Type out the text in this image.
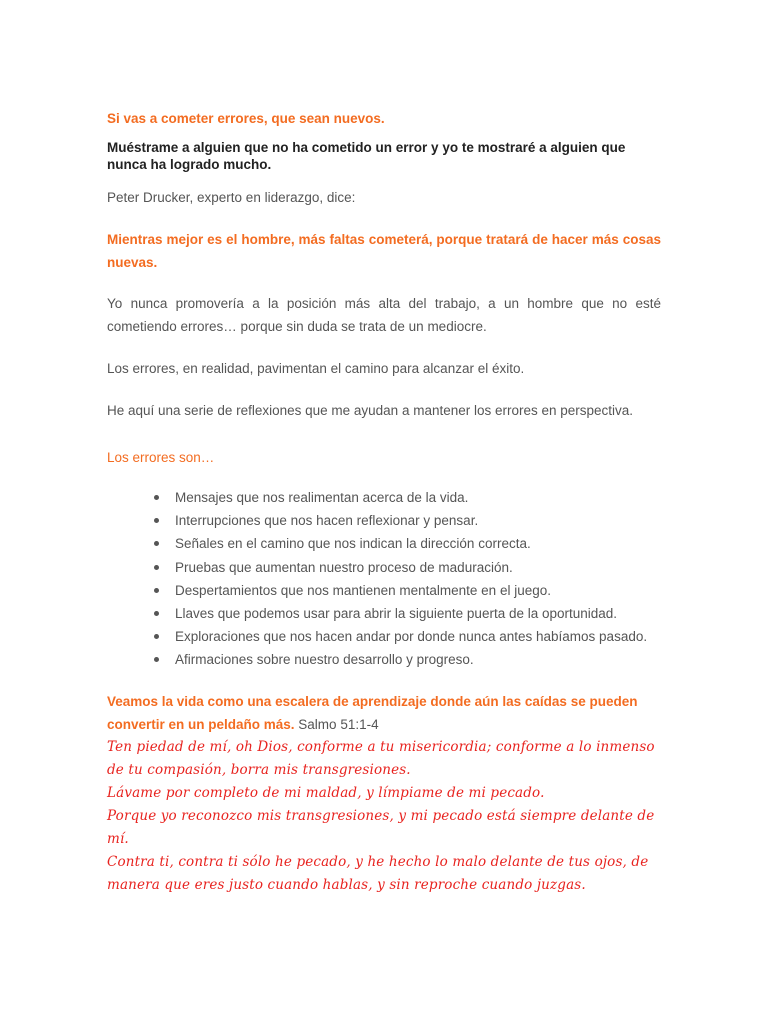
Si vas a cometer errores, que sean nuevos.

Muéstrame a alguien que no ha cometido un error y yo te mostraré a alguien que nunca ha logrado mucho.

Peter Drucker, experto en liderazgo, dice:

Mientras mejor es el hombre, más faltas cometerá, porque tratará de hacer más cosas nuevas.

Yo nunca promovería a la posición más alta del trabajo, a un hombre que no esté cometiendo errores… porque sin duda se trata de un mediocre.

Los errores, en realidad, pavimentan el camino para alcanzar el éxito.

He aquí una serie de reflexiones que me ayudan a mantener los errores en perspectiva.

Los errores son…

Mensajes que nos realimentan acerca de la vida.
Interrupciones que nos hacen reflexionar y pensar.
Señales en el camino que nos indican la dirección correcta.
Pruebas que aumentan nuestro proceso de maduración.
Despertamientos que nos mantienen mentalmente en el juego.
Llaves que podemos usar para abrir la siguiente puerta de la oportunidad.
Exploraciones que nos hacen andar por donde nunca antes habíamos pasado.
Afirmaciones sobre nuestro desarrollo y progreso.

Veamos la vida como una escalera de aprendizaje donde aún las caídas se pueden convertir en un peldaño más. Salmo 51:1-4

Ten piedad de mí, oh Dios, conforme a tu misericordia; conforme a lo inmenso de tu compasión, borra mis transgresiones.
Lávame por completo de mi maldad, y límpiame de mi pecado.
Porque yo reconozco mis transgresiones, y mi pecado está siempre delante de mí.
Contra ti, contra ti sólo he pecado, y he hecho lo malo delante de tus ojos, de manera que eres justo cuando hablas, y sin reproche cuando juzgas.
